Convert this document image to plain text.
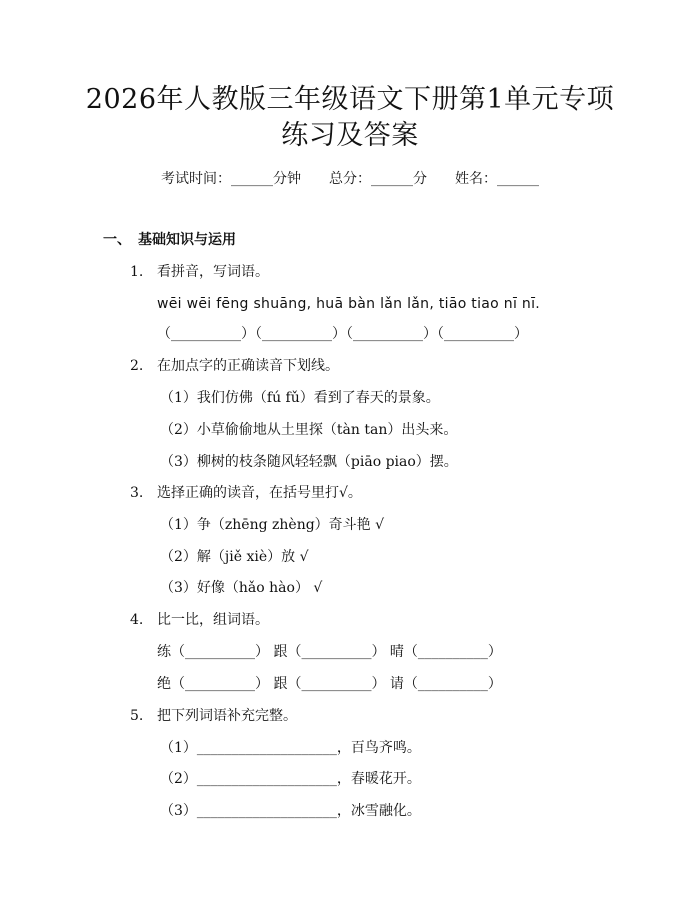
2026年人教版三年级语文下册第1单元专项
练习及答案
考试时间：______分钟　　总分：______分　　姓名：______
一、　基础知识与运用
1. 看拼音，写词语。
wēi wēi fēng shuāng, huā bàn lǎn lǎn, tiāo tiao nī nī.
（__________）（__________）（__________）（__________）
2. 在加点字的正确读音下划线。
（1）我们仿佛（fú fǔ）看到了春天的景象。
（2）小草偷偷地从土里探（tàn tan）出头来。
（3）柳树的枝条随风轻轻飘（piāo piao）摆。
3. 选择正确的读音，在括号里打√。
（1）争（zhēng zhèng）奇斗艳 √
（2）解（jiě xiè）放 √
（3）好像（hǎo hào） √
4. 比一比，组词语。
练（__________） 跟（__________） 晴（__________）
绝（__________） 跟（__________） 请（__________）
5. 把下列词语补充完整。
（1）____________________，百鸟齐鸣。
（2）____________________，春暖花开。
（3）____________________，冰雪融化。
